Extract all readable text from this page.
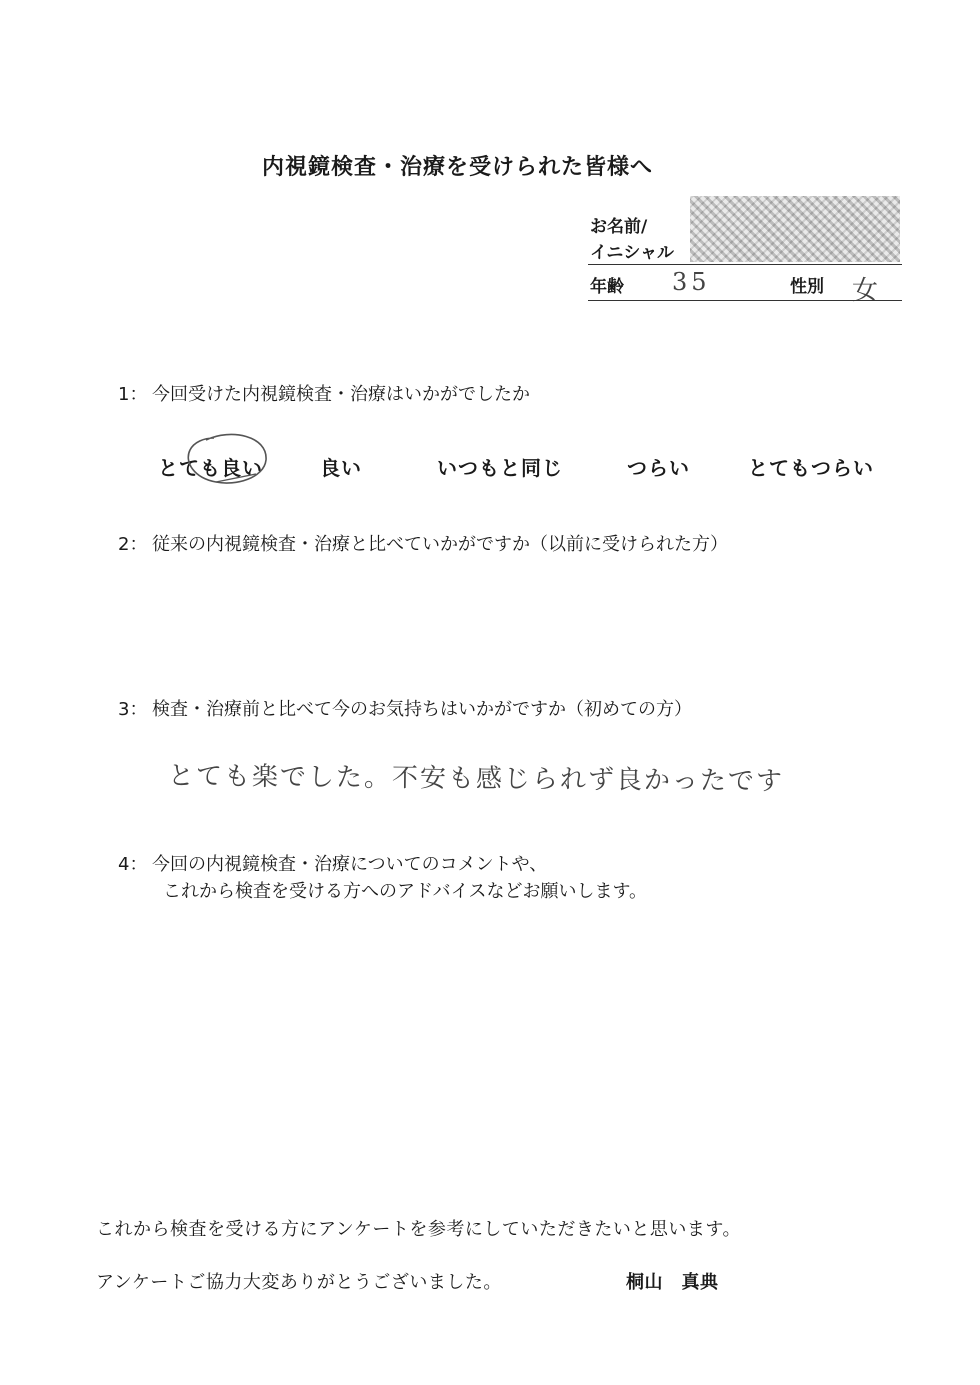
内視鏡検査・治療を受けられた皆様へ
お名前/
イニシャル
年齢 35	性別 女
1： 今回受けた内視鏡検査・治療はいかがでしたか
とても良い	良い	いつもと同じ	つらい	とてもつらい
2： 従来の内視鏡検査・治療と比べていかがですか（以前に受けられた方）
3： 検査・治療前と比べて今のお気持ちはいかがですか（初めての方）
とても楽でした。不安も感じられず良かったです
4： 今回の内視鏡検査・治療についてのコメントや、
これから検査を受ける方へのアドバイスなどお願いします。
これから検査を受ける方にアンケートを参考にしていただきたいと思います。
アンケートご協力大変ありがとうございました。	桐山　真典
